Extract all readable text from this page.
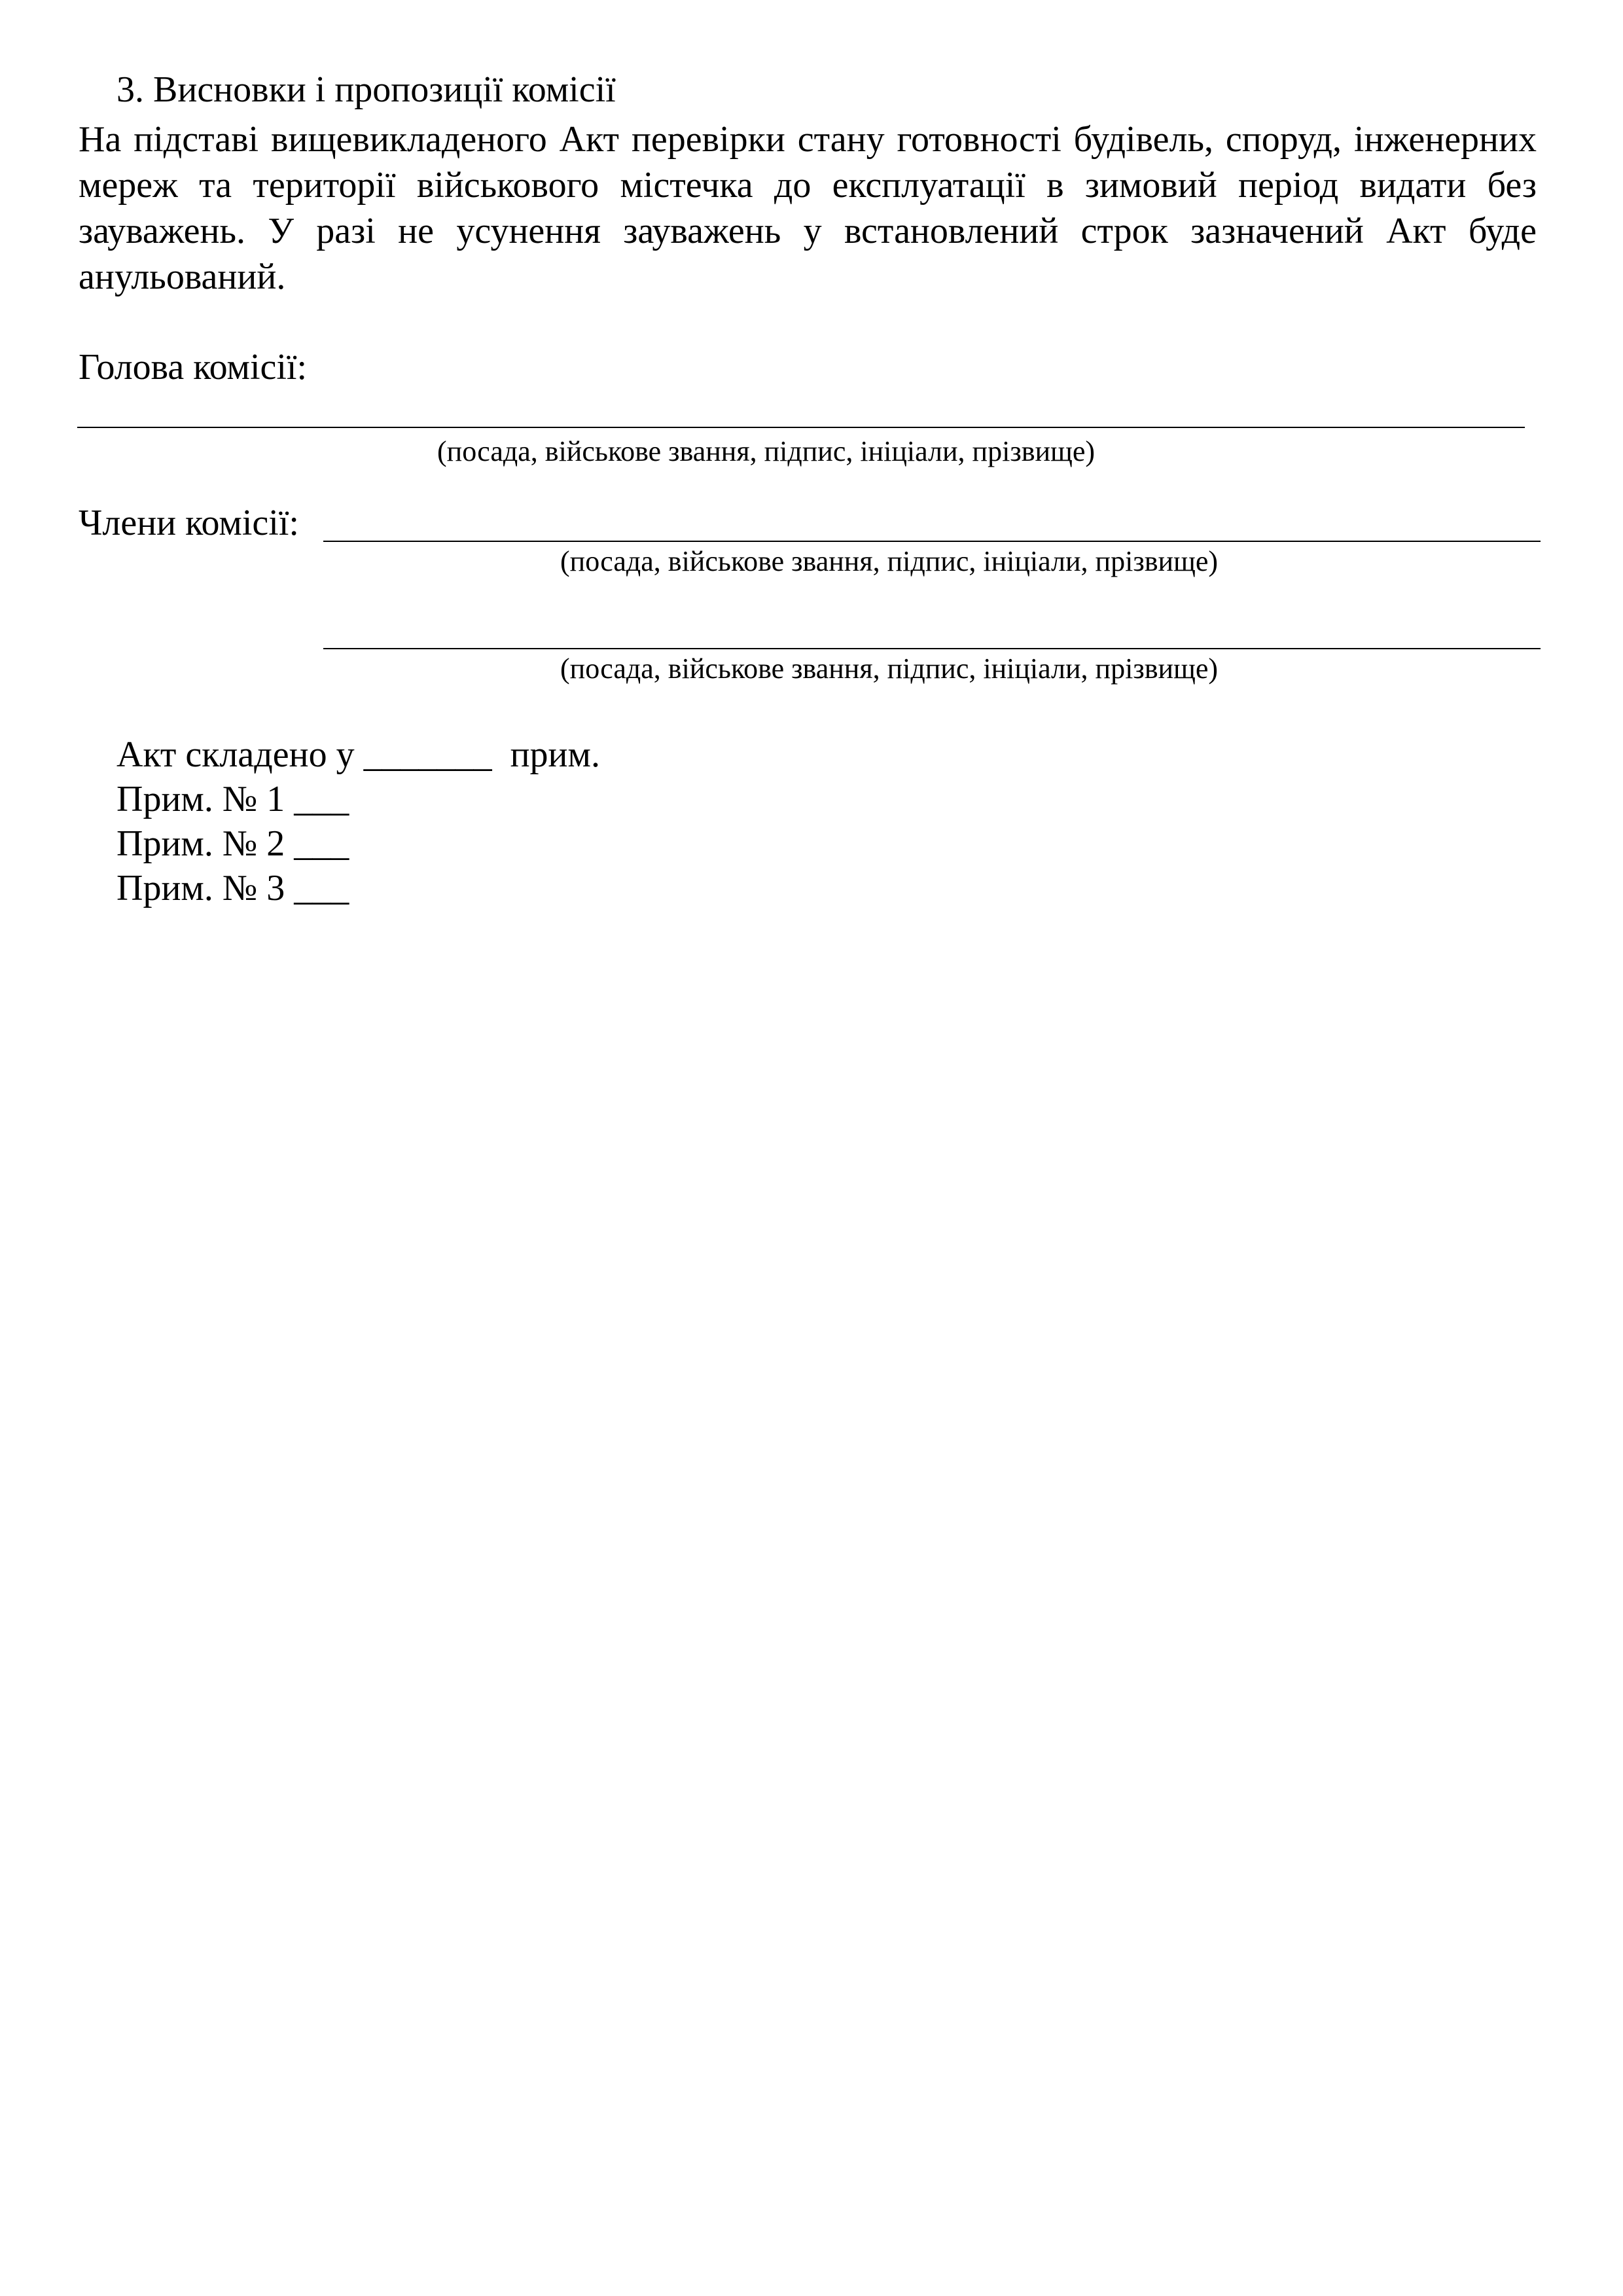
3. Висновки і пропозиції комісії
На підставі вищевикладеного Акт перевірки стану готовності будівель, споруд, інженерних мереж та території військового містечка до експлуатації в зимовий період видати без зауважень. У разі не усунення зауважень у встановлений строк зазначений Акт буде анульований.
Голова комісії:
(посада, військове звання, підпис, ініціали, прізвище)
Члени комісії:
(посада, військове звання, підпис, ініціали, прізвище)
(посада, військове звання, підпис, ініціали, прізвище)
Акт складено у _______ прим.
Прим. № 1 ___
Прим. № 2 ___
Прим. № 3 ___
